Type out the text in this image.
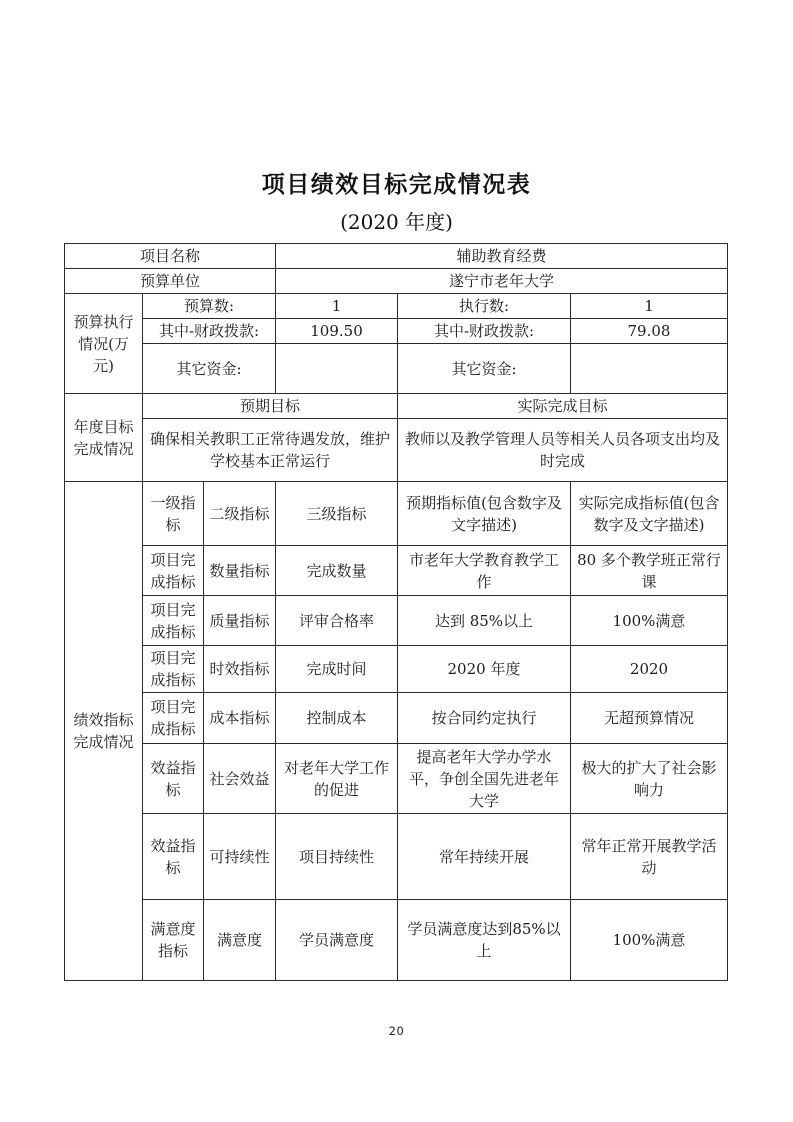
项目绩效目标完成情况表
(2020 年度)
项目名称			辅助教育经费		
预算单位			遂宁市老年大学		
预算执行情况(万元)	预算数:		1	执行数:	1
	其中-财政拨款:		109.50	其中-财政拨款:	79.08
	其它资金:			其它资金:	
年度目标完成情况	预期目标			实际完成目标	
	确保相关教职工正常待遇发放，维护学校基本正常运行			教师以及教学管理人员等相关人员各项支出均及时完成	
绩效指标完成情况	一级指标	二级指标	三级指标	预期指标值(包含数字及文字描述)	实际完成指标值(包含数字及文字描述)
	项目完成指标	数量指标	完成数量	市老年大学教育教学工作	80 多个教学班正常行课
	项目完成指标	质量指标	评审合格率	达到 85%以上	100%满意
	项目完成指标	时效指标	完成时间	2020 年度	2020
	项目完成指标	成本指标	控制成本	按合同约定执行	无超预算情况
	效益指标	社会效益	对老年大学工作的促进	提高老年大学办学水平，争创全国先进老年大学	极大的扩大了社会影响力
	效益指标	可持续性	项目持续性	常年持续开展	常年正常开展教学活动
	满意度指标	满意度	学员满意度	学员满意度达到85%以上	100%满意
20
